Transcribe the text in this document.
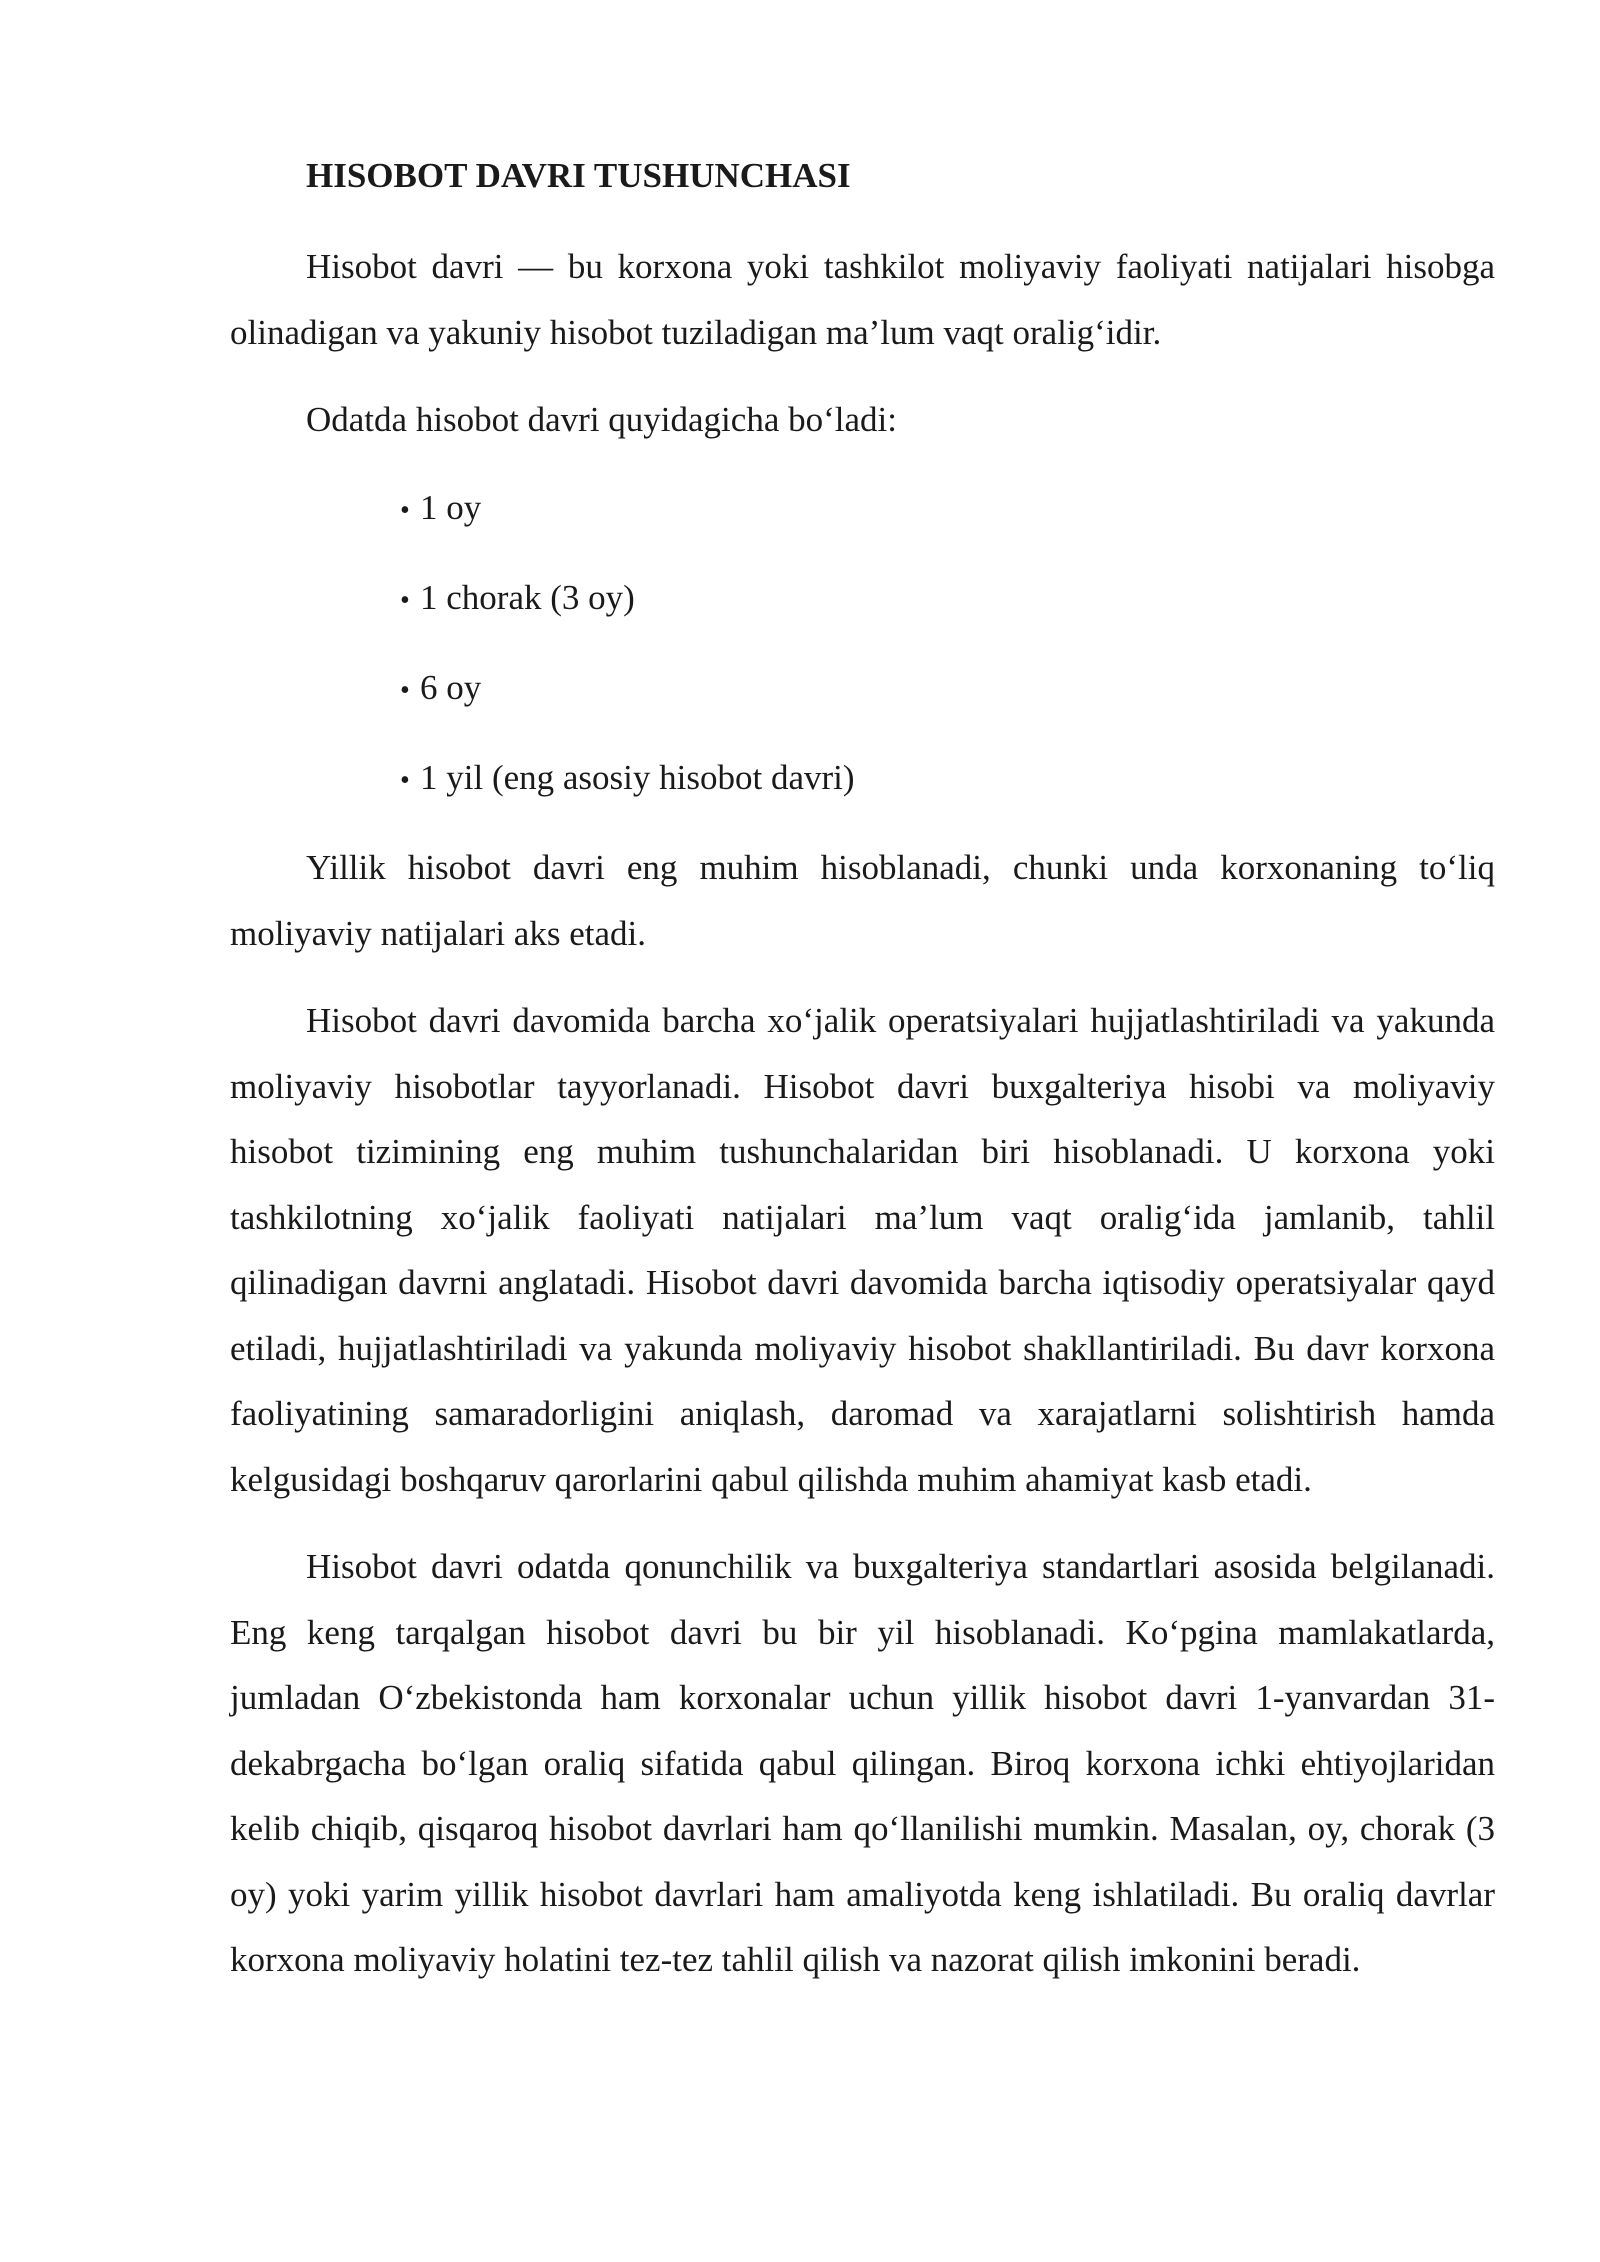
HISOBOT DAVRI TUSHUNCHASI

Hisobot davri — bu korxona yoki tashkilot moliyaviy faoliyati natijalari hisobga olinadigan va yakuniy hisobot tuziladigan ma’lum vaqt oralig‘idir.

Odatda hisobot davri quyidagicha bo‘ladi:

• 1 oy
• 1 chorak (3 oy)
• 6 oy
• 1 yil (eng asosiy hisobot davri)

Yillik hisobot davri eng muhim hisoblanadi, chunki unda korxonaning to‘liq moliyaviy natijalari aks etadi.

Hisobot davri davomida barcha xo‘jalik operatsiyalari hujjatlashtiriladi va yakunda moliyaviy hisobotlar tayyorlanadi. Hisobot davri buxgalteriya hisobi va moliyaviy hisobot tizimining eng muhim tushunchalaridan biri hisoblanadi. U korxona yoki tashkilotning xo‘jalik faoliyati natijalari ma’lum vaqt oralig‘ida jamlanib, tahlil qilinadigan davrni anglatadi. Hisobot davri davomida barcha iqtisodiy operatsiyalar qayd etiladi, hujjatlashtiriladi va yakunda moliyaviy hisobot shakllantiriladi. Bu davr korxona faoliyatining samaradorligini aniqlash, daromad va xarajatlarni solishtirish hamda kelgusidagi boshqaruv qarorlarini qabul qilishda muhim ahamiyat kasb etadi.

Hisobot davri odatda qonunchilik va buxgalteriya standartlari asosida belgilanadi. Eng keng tarqalgan hisobot davri bu bir yil hisoblanadi. Ko‘pgina mamlakatlarda, jumladan O‘zbekistonda ham korxonalar uchun yillik hisobot davri 1-yanvardan 31-dekabrgacha bo‘lgan oraliq sifatida qabul qilingan. Biroq korxona ichki ehtiyojlaridan kelib chiqib, qisqaroq hisobot davrlari ham qo‘llanilishi mumkin. Masalan, oy, chorak (3 oy) yoki yarim yillik hisobot davrlari ham amaliyotda keng ishlatiladi. Bu oraliq davrlar korxona moliyaviy holatini tez-tez tahlil qilish va nazorat qilish imkonini beradi.
